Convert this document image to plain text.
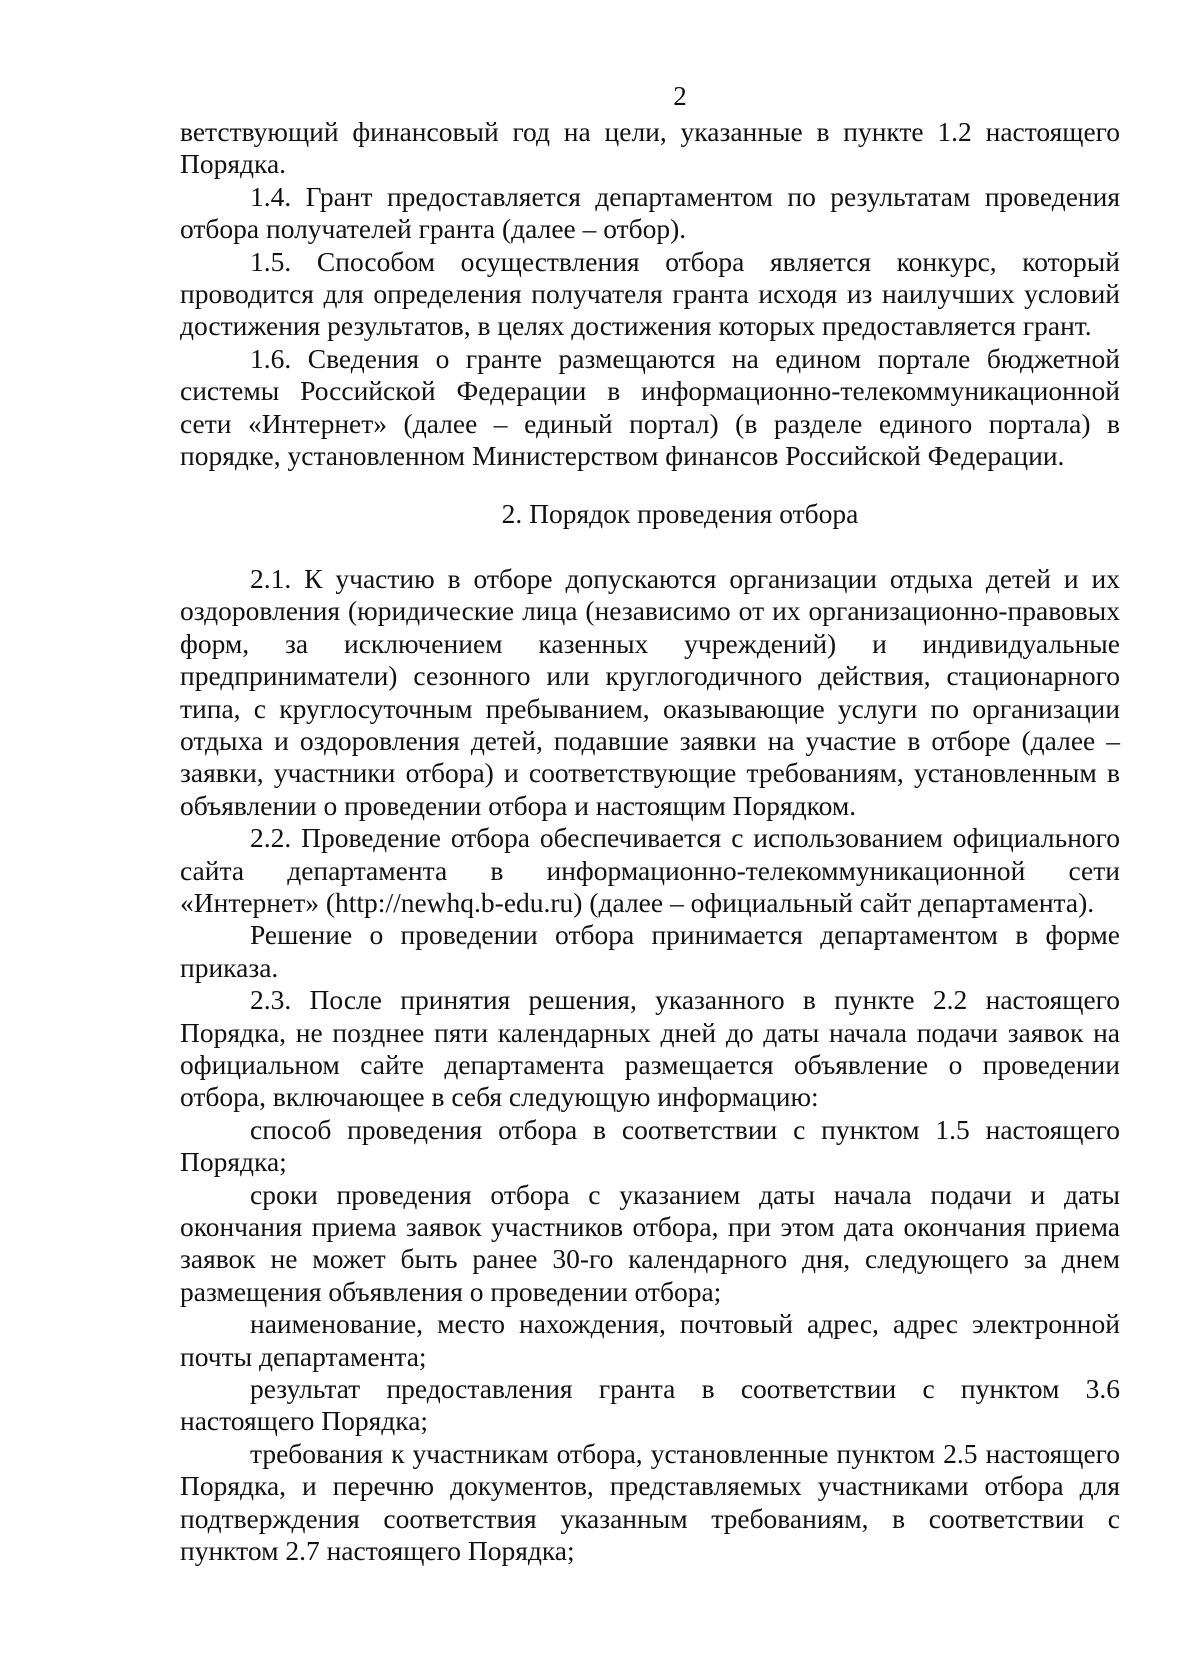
2

ветствующий финансовый год на цели, указанные в пункте 1.2 настоящего Порядка.

1.4. Грант предоставляется департаментом по результатам проведения отбора получателей гранта (далее – отбор).

1.5. Способом осуществления отбора является конкурс, который проводится для определения получателя гранта исходя из наилучших условий достижения результатов, в целях достижения которых предоставляется грант.

1.6. Сведения о гранте размещаются на едином портале бюджетной системы Российской Федерации в информационно-телекоммуникационной сети «Интернет» (далее – единый портал) (в разделе единого портала) в порядке, установленном Министерством финансов Российской Федерации.

2. Порядок проведения отбора

2.1. К участию в отборе допускаются организации отдыха детей и их оздоровления (юридические лица (независимо от их организационно-правовых форм, за исключением казенных учреждений) и индивидуальные предприниматели) сезонного или круглогодичного действия, стационарного типа, с круглосуточным пребыванием, оказывающие услуги по организации отдыха и оздоровления детей, подавшие заявки на участие в отборе (далее – заявки, участники отбора) и соответствующие требованиям, установленным в объявлении о проведении отбора и настоящим Порядком.

2.2. Проведение отбора обеспечивается с использованием официального сайта департамента в информационно-телекоммуникационной сети «Интернет» (http://newhq.b-edu.ru) (далее – официальный сайт департамента).

Решение о проведении отбора принимается департаментом в форме приказа.

2.3. После принятия решения, указанного в пункте 2.2 настоящего Порядка, не позднее пяти календарных дней до даты начала подачи заявок на официальном сайте департамента размещается объявление о проведении отбора, включающее в себя следующую информацию:

способ проведения отбора в соответствии с пунктом 1.5 настоящего Порядка;

сроки проведения отбора с указанием даты начала подачи и даты окончания приема заявок участников отбора, при этом дата окончания приема заявок не может быть ранее 30-го календарного дня, следующего за днем размещения объявления о проведении отбора;

наименование, место нахождения, почтовый адрес, адрес электронной почты департамента;

результат предоставления гранта в соответствии с пунктом 3.6 настоящего Порядка;

требования к участникам отбора, установленные пунктом 2.5 настоящего Порядка, и перечню документов, представляемых участниками отбора для подтверждения соответствия указанным требованиям, в соответствии с пунктом 2.7 настоящего Порядка;
